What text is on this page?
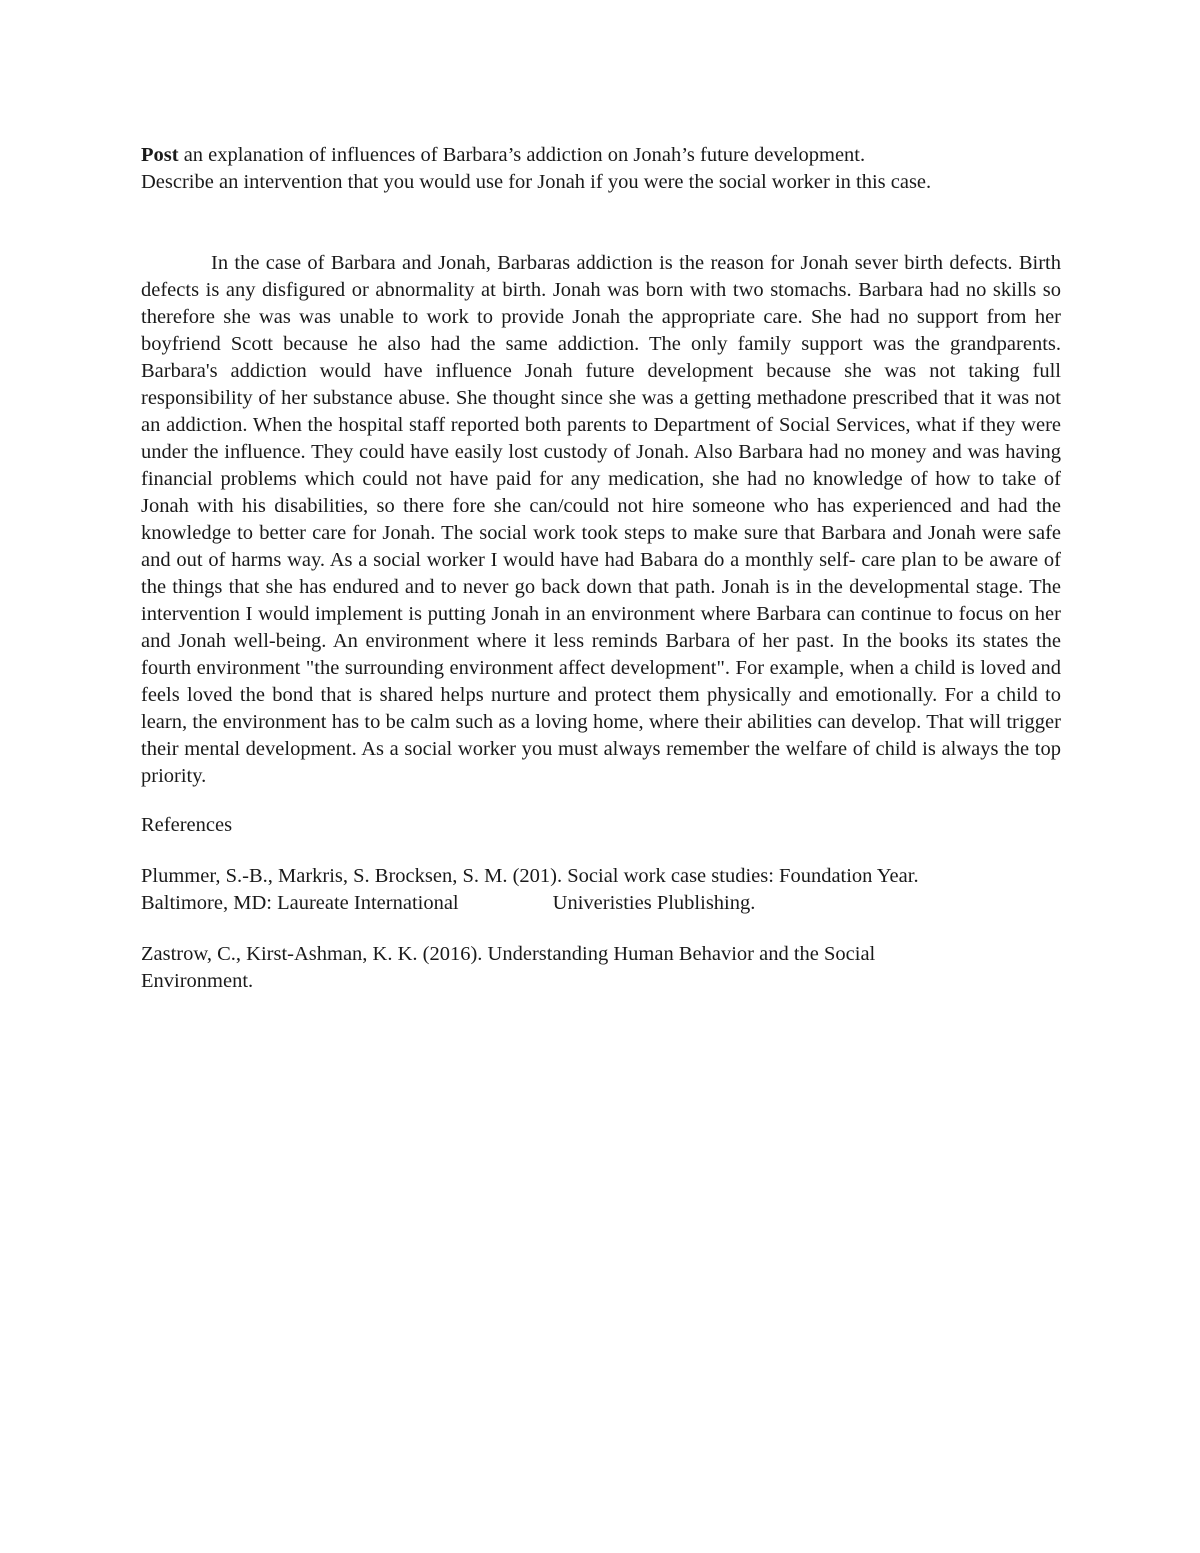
Post an explanation of influences of Barbara’s addiction on Jonah’s future development.
Describe an intervention that you would use for Jonah if you were the social worker in this case.

In the case of Barbara and Jonah, Barbaras addiction is the reason for Jonah sever birth defects. Birth defects is any disfigured or abnormality at birth. Jonah was born with two stomachs. Barbara had no skills so therefore she was was unable to work to provide Jonah the appropriate care. She had no support from her boyfriend Scott because he also had the same addiction. The only family support was the grandparents. Barbara's addiction would have influence Jonah future development because she was not taking full responsibility of her substance abuse. She thought since she was a getting methadone prescribed that it was not an addiction. When the hospital staff reported both parents to Department of Social Services, what if they were under the influence. They could have easily lost custody of Jonah. Also Barbara had no money and was having financial problems which could not have paid for any medication, she had no knowledge of how to take of Jonah with his disabilities, so there fore she can/could not hire someone who has experienced and had the knowledge to better care for Jonah. The social work took steps to make sure that Barbara and Jonah were safe and out of harms way. As a social worker I would have had Babara do a monthly self- care plan to be aware of the things that she has endured and to never go back down that path. Jonah is in the developmental stage. The intervention I would implement is putting Jonah in an environment where Barbara can continue to focus on her and Jonah well-being. An environment where it less reminds Barbara of her past. In the books its states the fourth environment "the surrounding environment affect development". For example, when a child is loved and feels loved the bond that is shared helps nurture and protect them physically and emotionally. For a child to learn, the environment has to be calm such as a loving home, where their abilities can develop. That will trigger their mental development. As a social worker you must always remember the welfare of child is always the top priority.

References

Plummer, S.-B., Markris, S. Brocksen, S. M. (201). Social work case studies: Foundation Year.
Baltimore, MD: Laureate International	Univeristies Plublishing.

Zastrow, C., Kirst-Ashman, K. K. (2016). Understanding Human Behavior and the Social
Environment.
